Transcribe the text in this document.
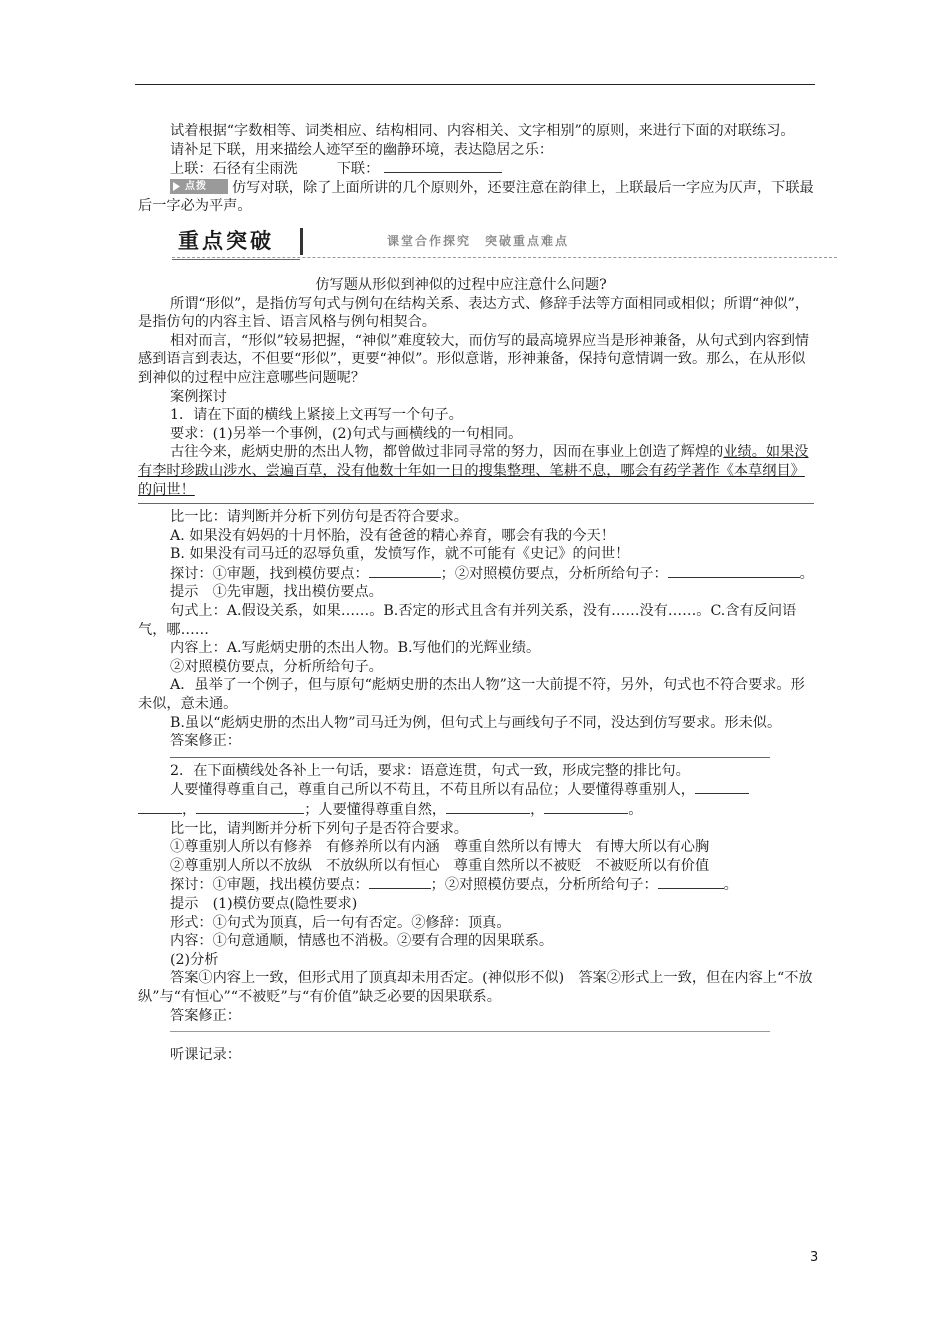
试着根据“字数相等、词类相应、结构相同、内容相关、文字相别”的原则，来进行下面的对联练习。

请补足下联，用来描绘人迹罕至的幽静环境，表达隐居之乐：

上联：石径有尘雨洗	下联：

点拨 仿写对联，除了上面所讲的几个原则外，还要注意在韵律上，上联最后一字应为仄声，下联最后一字必为平声。

重点突破	课堂合作探究　突破重点难点

仿写题从形似到神似的过程中应注意什么问题?

所谓“形似”，是指仿写句式与例句在结构关系、表达方式、修辞手法等方面相同或相似；所谓“神似”，是指仿句的内容主旨、语言风格与例句相契合。

相对而言，“形似”较易把握，“神似”难度较大，而仿写的最高境界应当是形神兼备，从句式到内容到情感到语言到表达，不但要“形似”，更要“神似”。形似意谐，形神兼备，保持句意情调一致。那么，在从形似到神似的过程中应注意哪些问题呢？

案例探讨

1．请在下面的横线上紧接上文再写一个句子。

要求：(1)另举一个事例，(2)句式与画横线的一句相同。

古往今来，彪炳史册的杰出人物，都曾做过非同寻常的努力，因而在事业上创造了辉煌的业绩。如果没有李时珍跋山涉水、尝遍百草，没有他数十年如一日的搜集整理、笔耕不息，哪会有药学著作《本草纲目》的问世！

比一比：请判断并分析下列仿句是否符合要求。

A. 如果没有妈妈的十月怀胎，没有爸爸的精心养育，哪会有我的今天！

B. 如果没有司马迁的忍辱负重，发愤写作，就不可能有《史记》的问世！

探讨：①审题，找到模仿要点：	；②对照模仿要点，分析所给句子：	。

提示　①先审题，找出模仿要点。

句式上：A.假设关系，如果……。B.否定的形式且含有并列关系，没有……没有……。C.含有反问语气，哪……

内容上：A.写彪炳史册的杰出人物。B.写他们的光辉业绩。

②对照模仿要点，分析所给句子。

A．虽举了一个例子，但与原句“彪炳史册的杰出人物”这一大前提不符，另外，句式也不符合要求。形未似，意未通。

B.虽以“彪炳史册的杰出人物”司马迁为例，但句式上与画线句子不同，没达到仿写要求。形未似。

答案修正：

2．在下面横线处各补上一句话，要求：语意连贯，句式一致，形成完整的排比句。

人要懂得尊重自己，尊重自己所以不苟且，不苟且所以有品位；人要懂得尊重别人，
，	；人要懂得尊重自然，	，	。

比一比，请判断并分析下列句子是否符合要求。

①尊重别人所以有修养　有修养所以有内涵　尊重自然所以有博大　有博大所以有心胸

②尊重别人所以不放纵　不放纵所以有恒心　尊重自然所以不被贬　不被贬所以有价值

探讨：①审题，找出模仿要点：	；②对照模仿要点，分析所给句子：	。

提示　(1)模仿要点(隐性要求)

形式：①句式为顶真，后一句有否定。②修辞：顶真。

内容：①句意通顺，情感也不消极。②要有合理的因果联系。

(2)分析

答案①内容上一致，但形式用了顶真却未用否定。(神似形不似)　答案②形式上一致，但在内容上“不放纵”与“有恒心”“不被贬”与“有价值”缺乏必要的因果联系。

答案修正：

听课记录：

3
